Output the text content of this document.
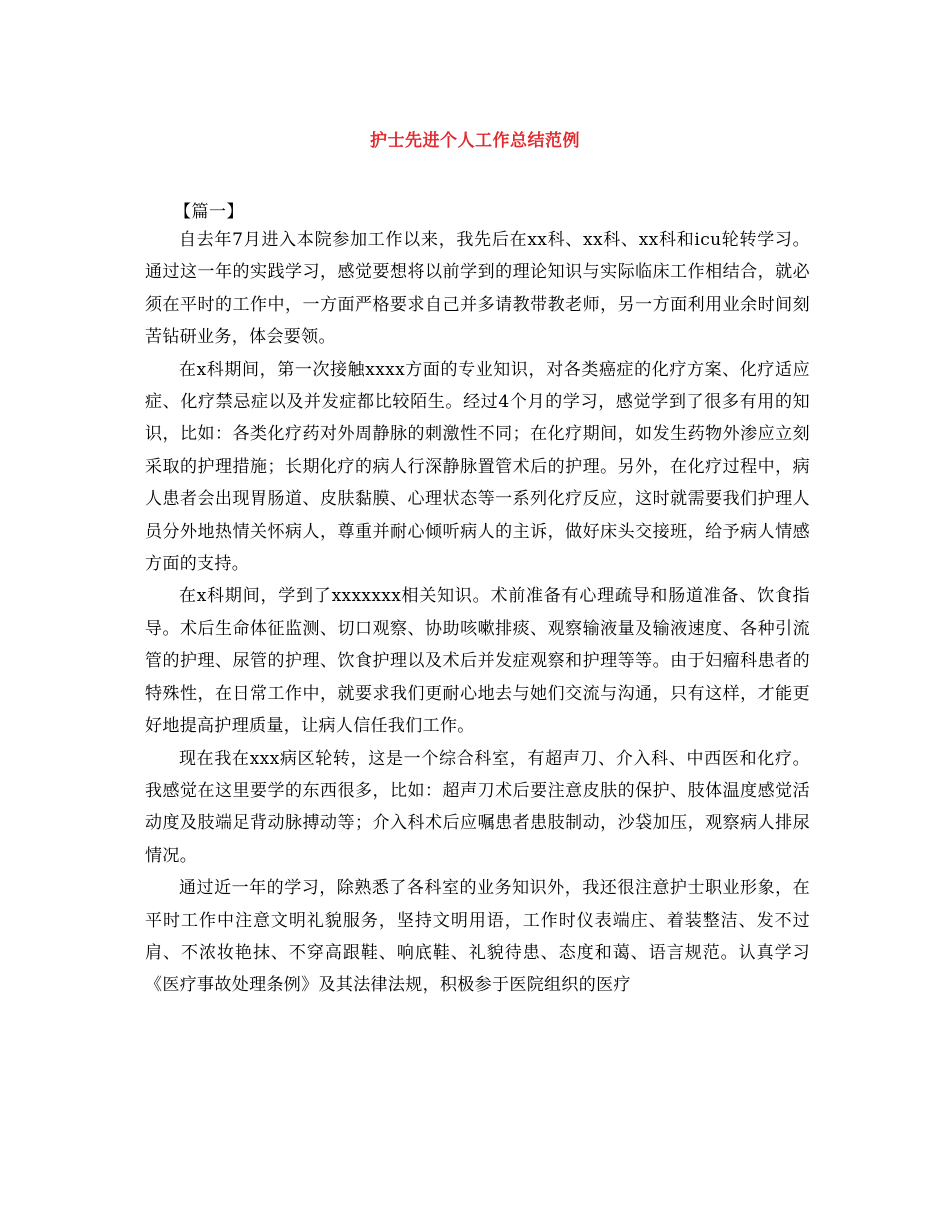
护士先进个人工作总结范例
【篇一】

自去年7月进入本院参加工作以来，我先后在xx科、xx科、xx科和icu轮转学习。通过这一年的实践学习，感觉要想将以前学到的理论知识与实际临床工作相结合，就必须在平时的工作中，一方面严格要求自己并多请教带教老师，另一方面利用业余时间刻苦钻研业务，体会要领。

在x科期间，第一次接触xxxx方面的专业知识，对各类癌症的化疗方案、化疗适应症、化疗禁忌症以及并发症都比较陌生。经过4个月的学习，感觉学到了很多有用的知识，比如：各类化疗药对外周静脉的刺激性不同；在化疗期间，如发生药物外渗应立刻采取的护理措施；长期化疗的病人行深静脉置管术后的护理。另外，在化疗过程中，病人患者会出现胃肠道、皮肤黏膜、心理状态等一系列化疗反应，这时就需要我们护理人员分外地热情关怀病人，尊重并耐心倾听病人的主诉，做好床头交接班，给予病人情感方面的支持。

在x科期间，学到了xxxxxxx相关知识。术前准备有心理疏导和肠道准备、饮食指导。术后生命体征监测、切口观察、协助咳嗽排痰、观察输液量及输液速度、各种引流管的护理、尿管的护理、饮食护理以及术后并发症观察和护理等等。由于妇瘤科患者的特殊性，在日常工作中，就要求我们更耐心地去与她们交流与沟通，只有这样，才能更好地提高护理质量，让病人信任我们工作。

现在我在xxx病区轮转，这是一个综合科室，有超声刀、介入科、中西医和化疗。我感觉在这里要学的东西很多，比如：超声刀术后要注意皮肤的保护、肢体温度感觉活动度及肢端足背动脉搏动等；介入科术后应嘱患者患肢制动，沙袋加压，观察病人排尿情况。

通过近一年的学习，除熟悉了各科室的业务知识外，我还很注意护士职业形象，在平时工作中注意文明礼貌服务，坚持文明用语，工作时仪表端庄、着装整洁、发不过肩、不浓妆艳抹、不穿高跟鞋、响底鞋、礼貌待患、态度和蔼、语言规范。认真学习《医疗事故处理条例》及其法律法规，积极参于医院组织的医疗
